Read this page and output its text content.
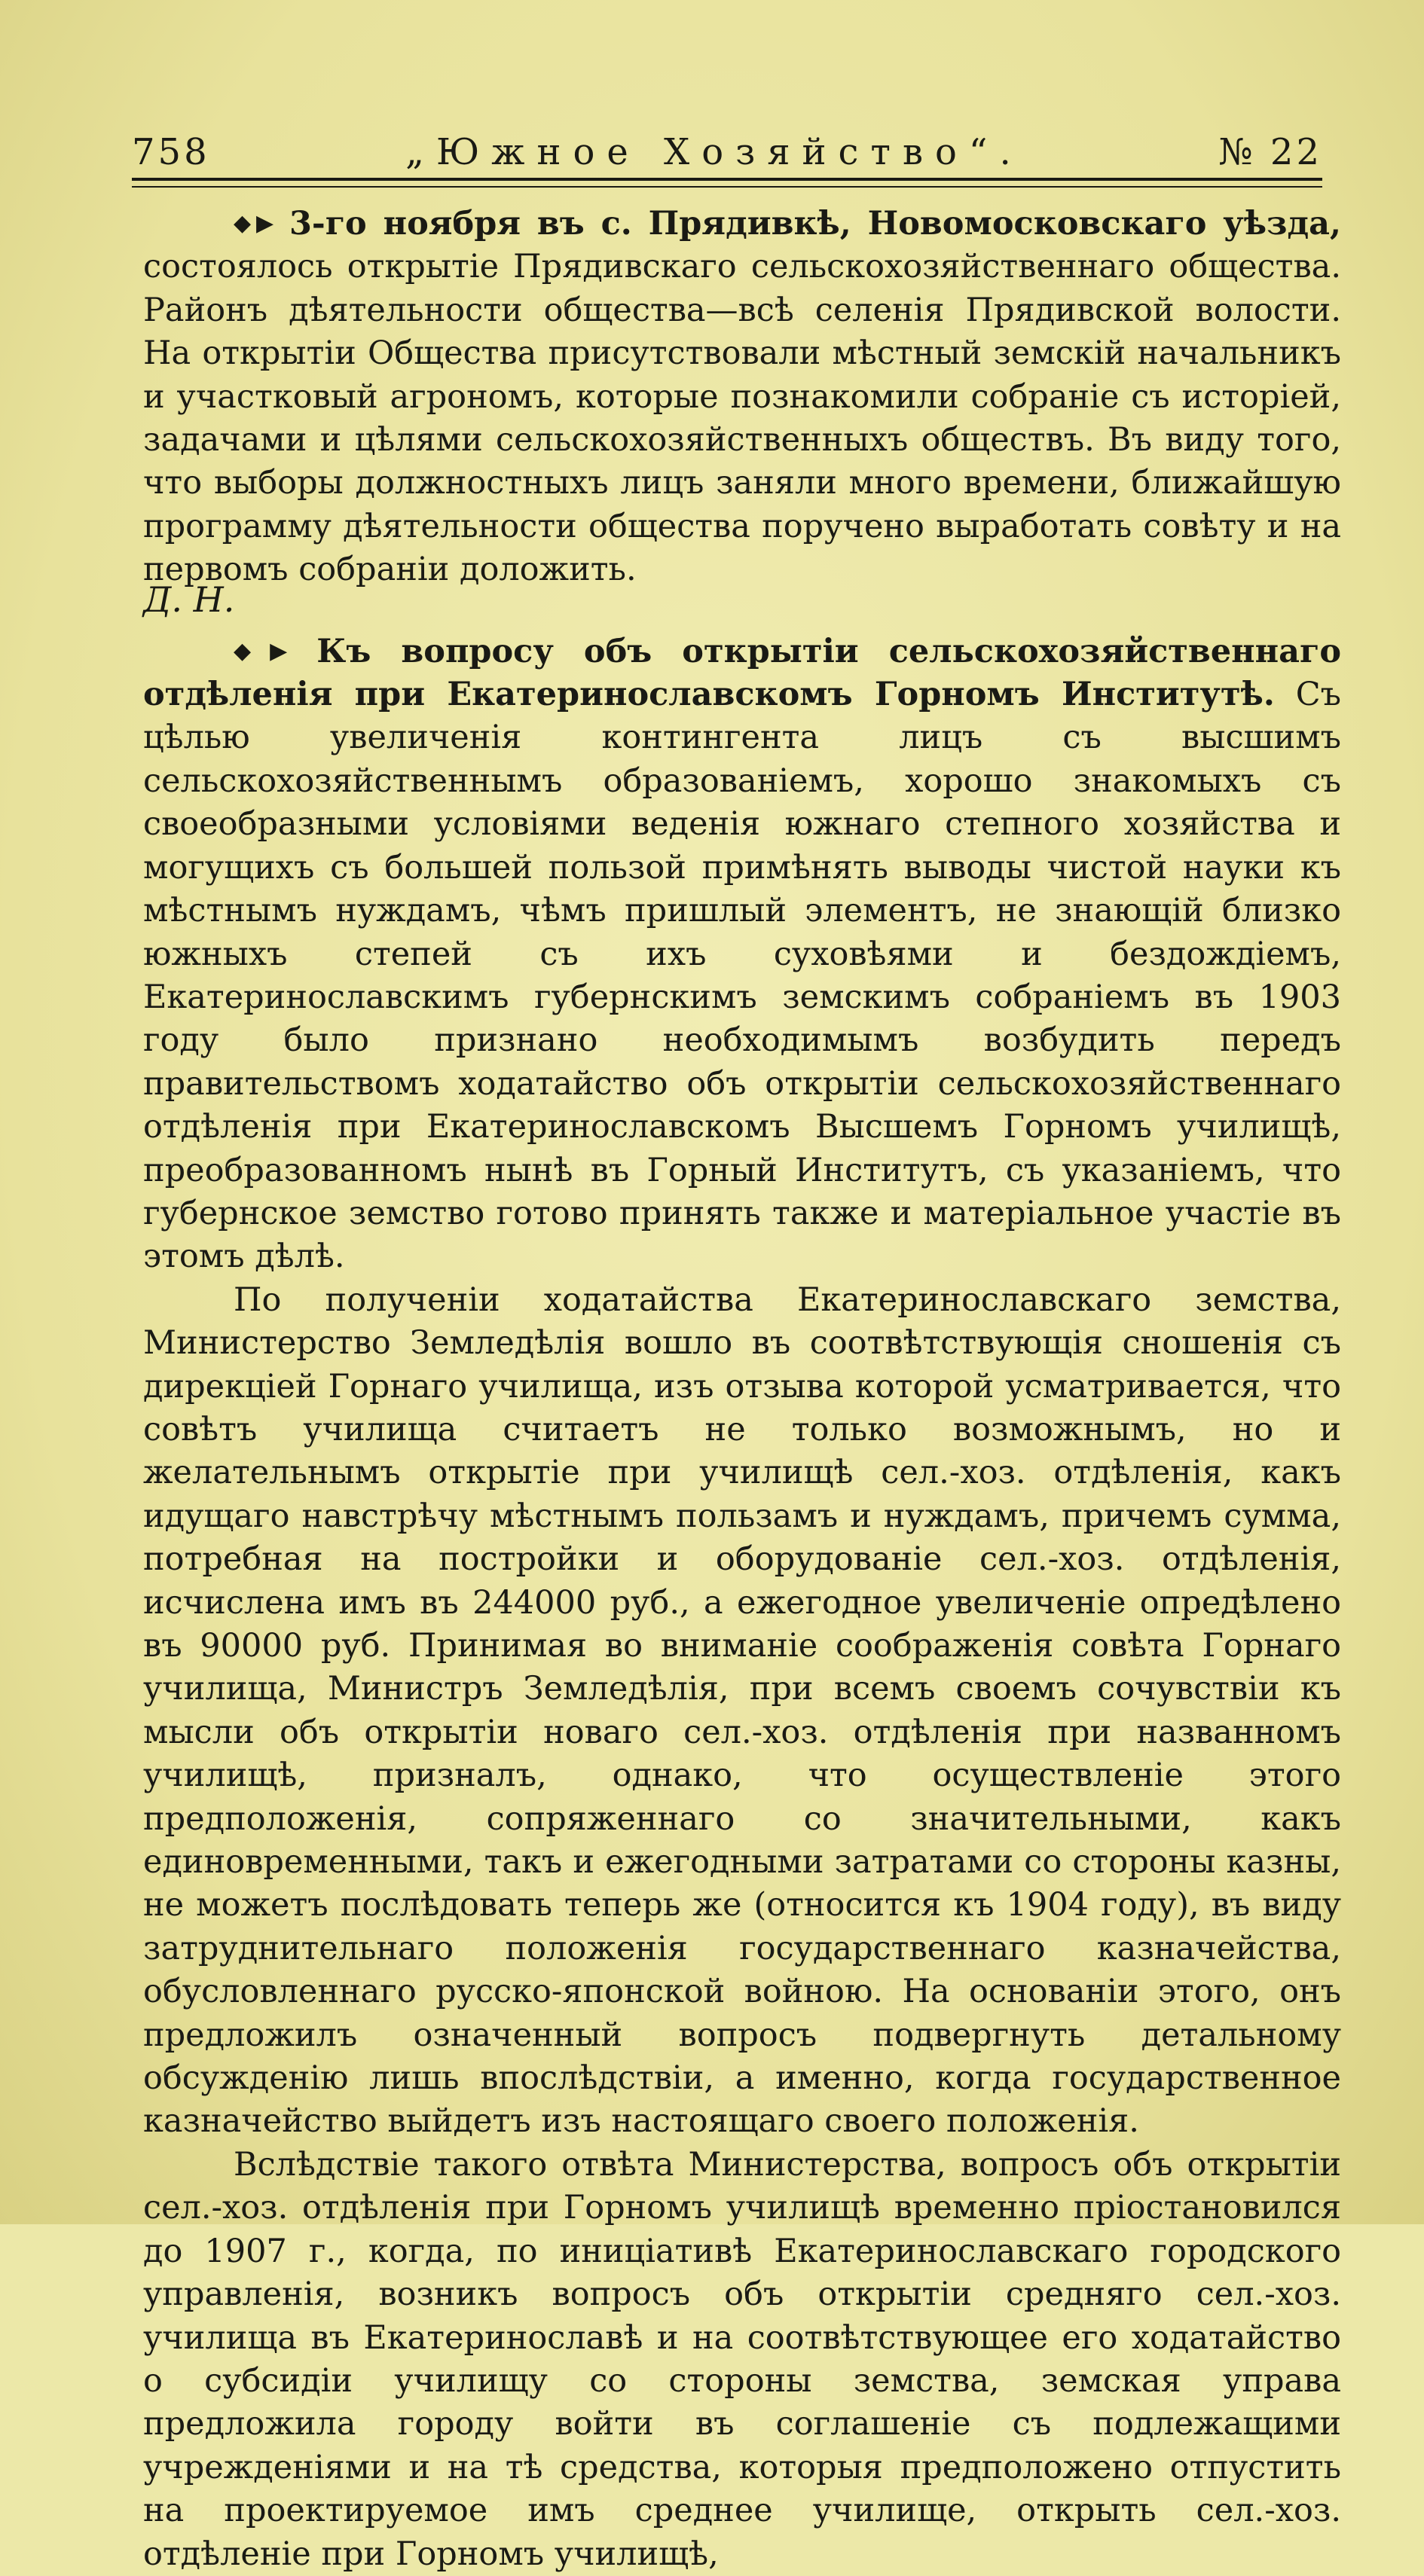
758	„Южное Хозяйство“.	№ 22

◆▶ 3-го ноября въ с. Прядивкѣ, Новомосковскаго уѣзда, состоялось открытіе Прядивскаго сельскохозяйственнаго общества. Районъ дѣятельности общества—всѣ селенія Прядивской волости. На открытіи Общества присутствовали мѣстный земскій начальникъ и участковый агрономъ, которые познакомили собраніе съ исторіей, задачами и цѣлями сельскохозяйственныхъ обществъ. Въ виду того, что выборы должностныхъ лицъ заняли много времени, ближайшую программу дѣятельности общества поручено выработать совѣту и на первомъ собраніи доложить.

Д. Н.

◆▶ Къ вопросу объ открытіи сельскохозяйственнаго отдѣленія при Екатеринославскомъ Горномъ Институтѣ. Съ цѣлью увеличенія контингента лицъ съ высшимъ сельскохозяйственнымъ образованіемъ, хорошо знакомыхъ съ своеобразными условіями веденія южнаго степного хозяйства и могущихъ съ большей пользой примѣнять выводы чистой науки къ мѣстнымъ нуждамъ, чѣмъ пришлый элементъ, не знающій близко южныхъ степей съ ихъ суховѣями и бездождіемъ, Екатеринославскимъ губернскимъ земскимъ собраніемъ въ 1903 году было признано необходимымъ возбудить передъ правительствомъ ходатайство объ открытіи сельскохозяйственнаго отдѣленія при Екатеринославскомъ Высшемъ Горномъ училищѣ, преобразованномъ нынѣ въ Горный Институтъ, съ указаніемъ, что губернское земство готово принять также и матеріальное участіе въ этомъ дѣлѣ.

По полученіи ходатайства Екатеринославскаго земства, Министерство Земледѣлія вошло въ соотвѣтствующія сношенія съ дирекціей Горнаго училища, изъ отзыва которой усматривается, что совѣтъ училища считаетъ не только возможнымъ, но и желательнымъ открытіе при училищѣ сел.-хоз. отдѣленія, какъ идущаго навстрѣчу мѣстнымъ пользамъ и нуждамъ, причемъ сумма, потребная на постройки и оборудованіе сел.-хоз. отдѣленія, исчислена имъ въ 244000 руб., а ежегодное увеличеніе опредѣлено въ 90000 руб. Принимая во вниманіе соображенія совѣта Горнаго училища, Министръ Земледѣлія, при всемъ своемъ сочувствіи къ мысли объ открытіи новаго сел.-хоз. отдѣленія при названномъ училищѣ, призналъ, однако, что осуществленіе этого предположенія, сопряженнаго со значительными, какъ единовременными, такъ и ежегодными затратами со стороны казны, не можетъ послѣдовать теперь же (относится къ 1904 году), въ виду затруднительнаго положенія государственнаго казначейства, обусловленнаго русско-японской войною. На основаніи этого, онъ предложилъ означенный вопросъ подвергнуть детальному обсужденію лишь впослѣдствіи, а именно, когда государственное казначейство выйдетъ изъ настоящаго своего положенія.

Вслѣдствіе такого отвѣта Министерства, вопросъ объ открытіи сел.-хоз. отдѣленія при Горномъ училищѣ временно пріостановился до 1907 г., когда, по иниціативѣ Екатеринославскаго городского управленія, возникъ вопросъ объ открытіи средняго сел.-хоз. училища въ Екатеринославѣ и на соотвѣтствующее его ходатайство о субсидіи училищу со стороны земства, земская управа предложила городу войти въ соглашеніе съ подлежащими учрежденіями и на тѣ средства, которыя предположено отпустить на проектируемое имъ среднее училище, открыть сел.-хоз. отдѣленіе при Горномъ училищѣ,
